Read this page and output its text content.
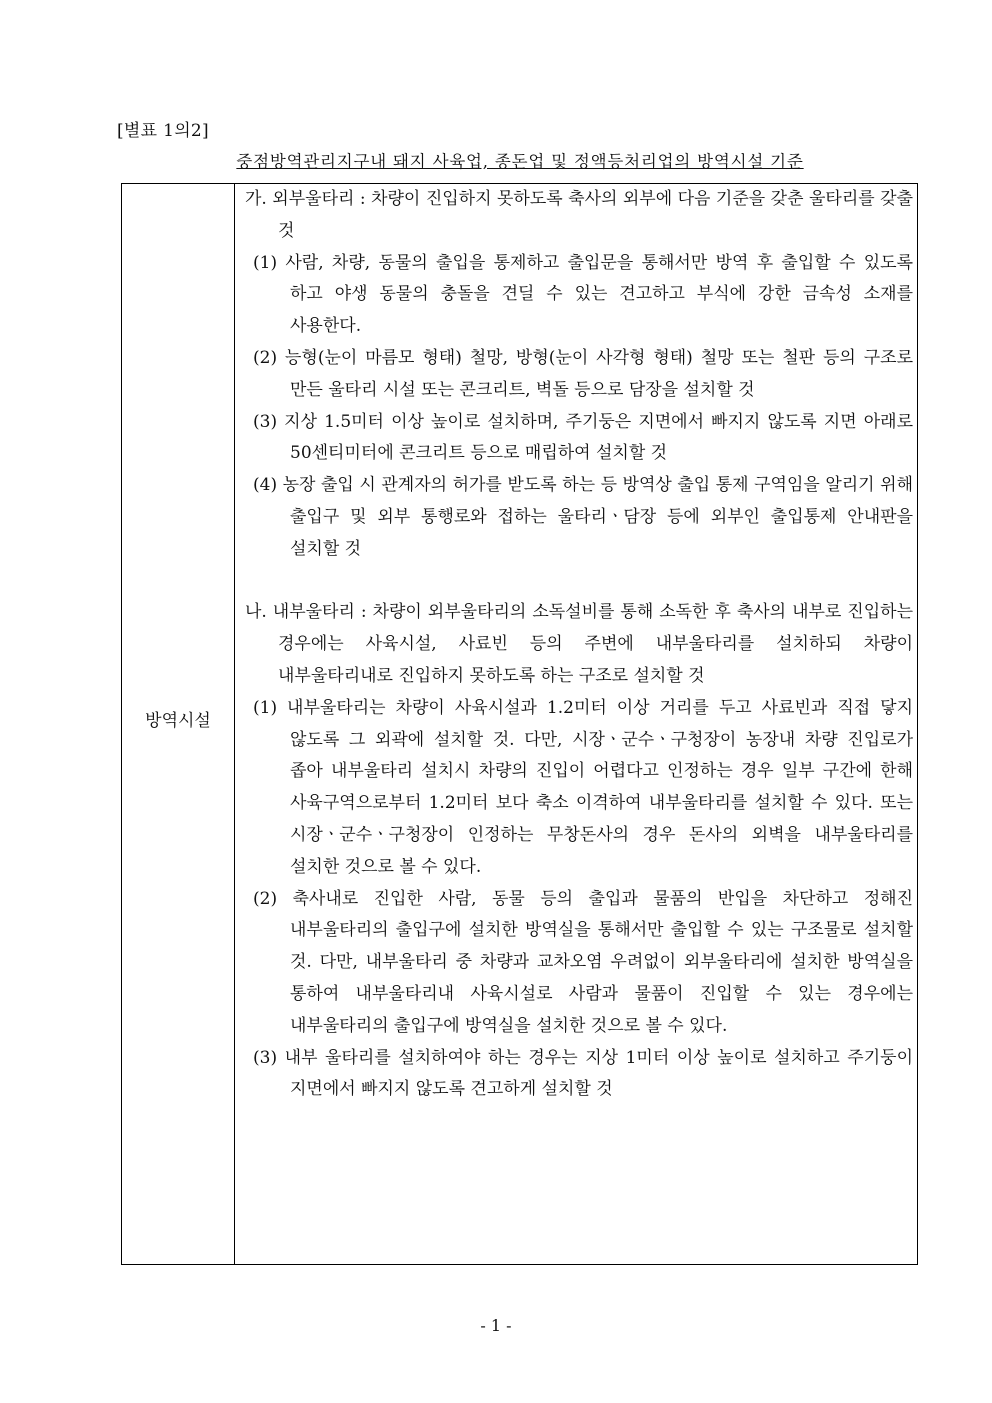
[별표 1의2]
중점방역관리지구내 돼지 사육업, 종돈업 및 정액등처리업의 방역시설 기준
방역시설

가. 외부울타리 : 차량이 진입하지 못하도록 축사의 외부에 다음 기준을 갖춘 울타리를 갖출 것

(1) 사람, 차량, 동물의 출입을 통제하고 출입문을 통해서만 방역 후 출입할 수 있도록 하고 야생 동물의 충돌을 견딜 수 있는 견고하고 부식에 강한 금속성 소재를 사용한다.

(2) 능형(눈이 마름모 형태) 철망, 방형(눈이 사각형 형태) 철망 또는 철판 등의 구조로 만든 울타리 시설 또는 콘크리트, 벽돌 등으로 담장을 설치할 것

(3) 지상 1.5미터 이상 높이로 설치하며, 주기둥은 지면에서 빠지지 않도록 지면 아래로 50센티미터에 콘크리트 등으로 매립하여 설치할 것

(4) 농장 출입 시 관계자의 허가를 받도록 하는 등 방역상 출입 통제 구역임을 알리기 위해 출입구 및 외부 통행로와 접하는 울타리ㆍ담장 등에 외부인 출입통제 안내판을 설치할 것

나. 내부울타리 : 차량이 외부울타리의 소독설비를 통해 소독한 후 축사의 내부로 진입하는 경우에는 사육시설, 사료빈 등의 주변에 내부울타리를 설치하되 차량이 내부울타리내로 진입하지 못하도록 하는 구조로 설치할 것

(1) 내부울타리는 차량이 사육시설과 1.2미터 이상 거리를 두고 사료빈과 직접 닿지 않도록 그 외곽에 설치할 것. 다만, 시장ㆍ군수ㆍ구청장이 농장내 차량 진입로가 좁아 내부울타리 설치시 차량의 진입이 어렵다고 인정하는 경우 일부 구간에 한해 사육구역으로부터 1.2미터 보다 축소 이격하여 내부울타리를 설치할 수 있다. 또는 시장ㆍ군수ㆍ구청장이 인정하는 무창돈사의 경우 돈사의 외벽을 내부울타리를 설치한 것으로 볼 수 있다.

(2) 축사내로 진입한 사람, 동물 등의 출입과 물품의 반입을 차단하고 정해진 내부울타리의 출입구에 설치한 방역실을 통해서만 출입할 수 있는 구조물로 설치할 것. 다만, 내부울타리 중 차량과 교차오염 우려없이 외부울타리에 설치한 방역실을 통하여 내부울타리내 사육시설로 사람과 물품이 진입할 수 있는 경우에는 내부울타리의 출입구에 방역실을 설치한 것으로 볼 수 있다.

(3) 내부 울타리를 설치하여야 하는 경우는 지상 1미터 이상 높이로 설치하고 주기둥이 지면에서 빠지지 않도록 견고하게 설치할 것

- 1 -
